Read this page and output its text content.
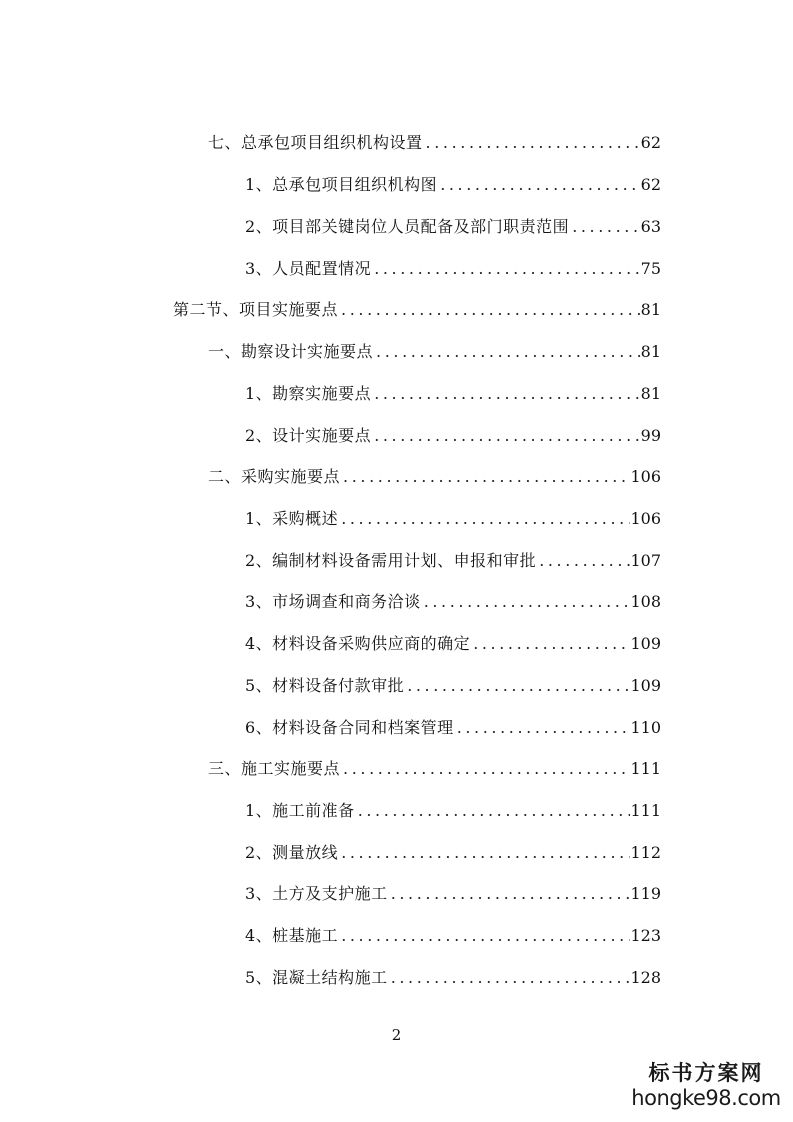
七、总承包项目组织机构设置 .....	62
1、总承包项目组织机构图 .....	62
2、项目部关键岗位人员配备及部门职责范围 .....	63
3、人员配置情况 .....	75
第二节、项目实施要点 .....	81
一、勘察设计实施要点 .....	81
1、勘察实施要点 .....	81
2、设计实施要点 .....	99
二、采购实施要点 .....	106
1、采购概述 .....	106
2、编制材料设备需用计划、申报和审批 .....	107
3、市场调查和商务洽谈 .....	108
4、材料设备采购供应商的确定 .....	109
5、材料设备付款审批 .....	109
6、材料设备合同和档案管理 .....	110
三、施工实施要点 .....	111
1、施工前准备 .....	111
2、测量放线 .....	112
3、土方及支护施工 .....	119
4、桩基施工 .....	123
5、混凝土结构施工 .....	128
2
标书方案网
hongke98.com
